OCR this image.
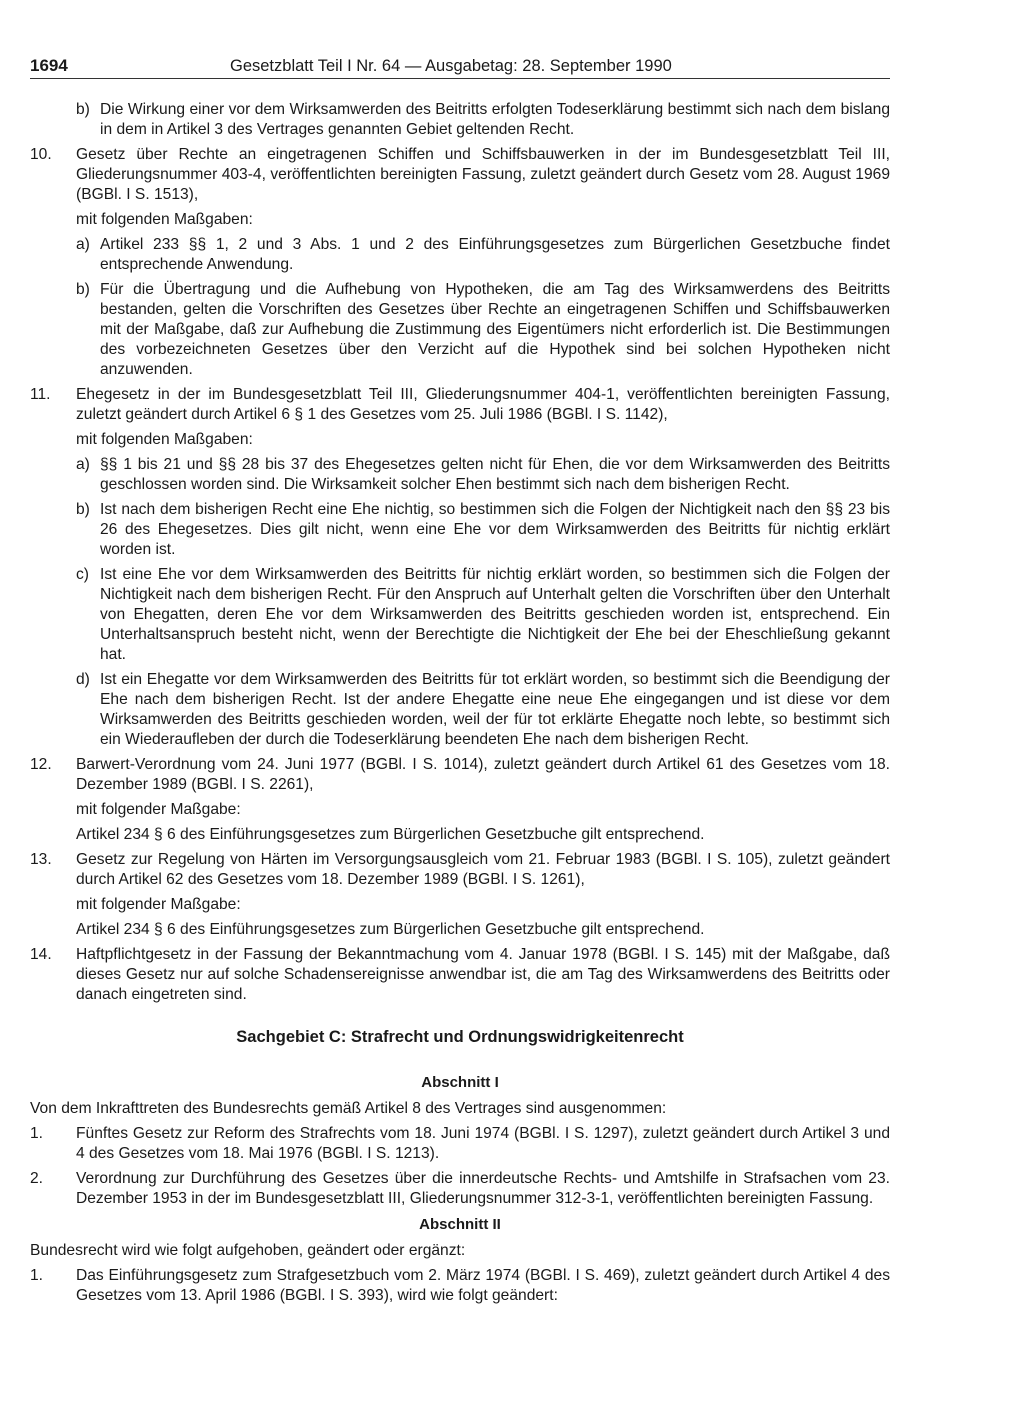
1694	Gesetzblatt Teil I Nr. 64 — Ausgabetag: 28. September 1990
b) Die Wirkung einer vor dem Wirksamwerden des Beitritts erfolgten Todeserklärung bestimmt sich nach dem bislang in dem in Artikel 3 des Vertrages genannten Gebiet geltenden Recht.
10.	Gesetz über Rechte an eingetragenen Schiffen und Schiffsbauwerken in der im Bundesgesetzblatt Teil III, Gliederungsnummer 403-4, veröffentlichten bereinigten Fassung, zuletzt geändert durch Gesetz vom 28. August 1969 (BGBl. I S. 1513),
mit folgenden Maßgaben:
a) Artikel 233 §§ 1, 2 und 3 Abs. 1 und 2 des Einführungsgesetzes zum Bürgerlichen Gesetzbuche findet entsprechende Anwendung.
b) Für die Übertragung und die Aufhebung von Hypotheken, die am Tag des Wirksamwerdens des Beitritts bestanden, gelten die Vorschriften des Gesetzes über Rechte an eingetragenen Schiffen und Schiffsbauwerken mit der Maßgabe, daß zur Aufhebung die Zustimmung des Eigentümers nicht erforderlich ist. Die Bestimmungen des vorbezeichneten Gesetzes über den Verzicht auf die Hypothek sind bei solchen Hypotheken nicht anzuwenden.
11.	Ehegesetz in der im Bundesgesetzblatt Teil III, Gliederungsnummer 404-1, veröffentlichten bereinigten Fassung, zuletzt geändert durch Artikel 6 § 1 des Gesetzes vom 25. Juli 1986 (BGBl. I S. 1142),
mit folgenden Maßgaben:
a) §§ 1 bis 21 und §§ 28 bis 37 des Ehegesetzes gelten nicht für Ehen, die vor dem Wirksamwerden des Beitritts geschlossen worden sind. Die Wirksamkeit solcher Ehen bestimmt sich nach dem bisherigen Recht.
b) Ist nach dem bisherigen Recht eine Ehe nichtig, so bestimmen sich die Folgen der Nichtigkeit nach den §§ 23 bis 26 des Ehegesetzes. Dies gilt nicht, wenn eine Ehe vor dem Wirksamwerden des Beitritts für nichtig erklärt worden ist.
c) Ist eine Ehe vor dem Wirksamwerden des Beitritts für nichtig erklärt worden, so bestimmen sich die Folgen der Nichtigkeit nach dem bisherigen Recht. Für den Anspruch auf Unterhalt gelten die Vorschriften über den Unterhalt von Ehegatten, deren Ehe vor dem Wirksamwerden des Beitritts geschieden worden ist, entsprechend. Ein Unterhaltsanspruch besteht nicht, wenn der Berechtigte die Nichtigkeit der Ehe bei der Eheschließung gekannt hat.
d) Ist ein Ehegatte vor dem Wirksamwerden des Beitritts für tot erklärt worden, so bestimmt sich die Beendigung der Ehe nach dem bisherigen Recht. Ist der andere Ehegatte eine neue Ehe eingegangen und ist diese vor dem Wirksamwerden des Beitritts geschieden worden, weil der für tot erklärte Ehegatte noch lebte, so bestimmt sich ein Wiederaufleben der durch die Todeserklärung beendeten Ehe nach dem bisherigen Recht.
12.	Barwert-Verordnung vom 24. Juni 1977 (BGBl. I S. 1014), zuletzt geändert durch Artikel 61 des Gesetzes vom 18. Dezember 1989 (BGBl. I S. 2261),
mit folgender Maßgabe:
Artikel 234 § 6 des Einführungsgesetzes zum Bürgerlichen Gesetzbuche gilt entsprechend.
13.	Gesetz zur Regelung von Härten im Versorgungsausgleich vom 21. Februar 1983 (BGBl. I S. 105), zuletzt geändert durch Artikel 62 des Gesetzes vom 18. Dezember 1989 (BGBl. I S. 1261),
mit folgender Maßgabe:
Artikel 234 § 6 des Einführungsgesetzes zum Bürgerlichen Gesetzbuche gilt entsprechend.
14.	Haftpflichtgesetz in der Fassung der Bekanntmachung vom 4. Januar 1978 (BGBl. I S. 145) mit der Maßgabe, daß dieses Gesetz nur auf solche Schadensereignisse anwendbar ist, die am Tag des Wirksamwerdens des Beitritts oder danach eingetreten sind.
Sachgebiet C: Strafrecht und Ordnungswidrigkeitenrecht
Abschnitt I
Von dem Inkrafttreten des Bundesrechts gemäß Artikel 8 des Vertrages sind ausgenommen:
1.	Fünftes Gesetz zur Reform des Strafrechts vom 18. Juni 1974 (BGBl. I S. 1297), zuletzt geändert durch Artikel 3 und 4 des Gesetzes vom 18. Mai 1976 (BGBl. I S. 1213).
2.	Verordnung zur Durchführung des Gesetzes über die innerdeutsche Rechts- und Amtshilfe in Strafsachen vom 23. Dezember 1953 in der im Bundesgesetzblatt III, Gliederungsnummer 312-3-1, veröffentlichten bereinigten Fassung.
Abschnitt II
Bundesrecht wird wie folgt aufgehoben, geändert oder ergänzt:
1.	Das Einführungsgesetz zum Strafgesetzbuch vom 2. März 1974 (BGBl. I S. 469), zuletzt geändert durch Artikel 4 des Gesetzes vom 13. April 1986 (BGBl. I S. 393), wird wie folgt geändert:
